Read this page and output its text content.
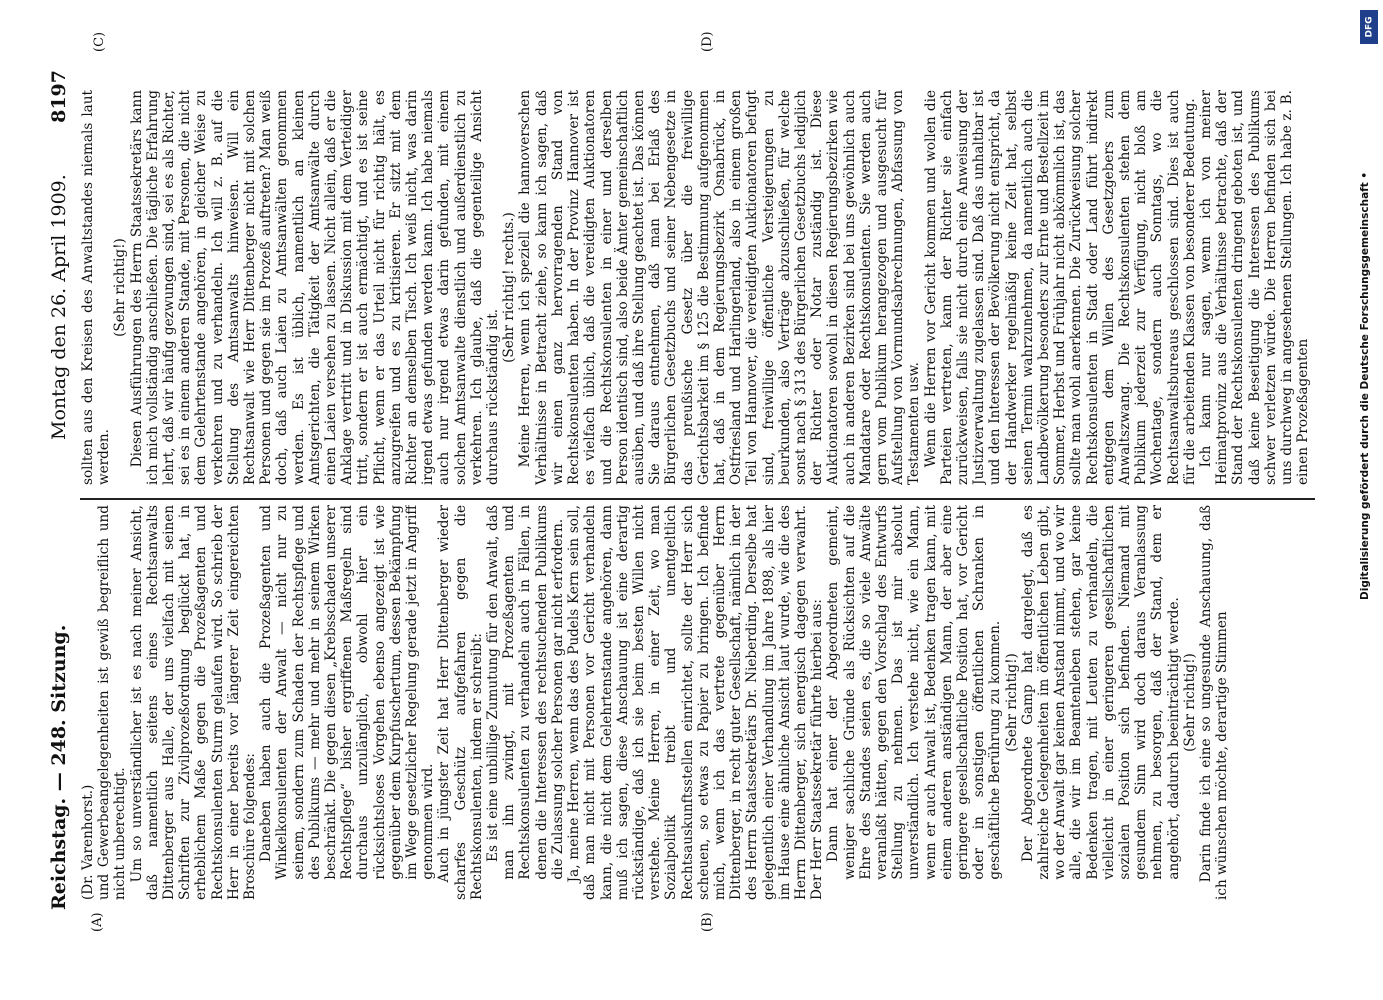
Reichstag. — 248. Sitzung.
Montag den 26. April 1909.
8197
(A)	(B)
(C)	(D)

(Dr. Varenhorst.) und Gewerbeangelegenheiten ist gewiß begreiflich und nicht unberechtigt. Um so unverständlicher ist es nach meiner Ansicht, daß namentlich seitens eines Rechtsanwalts Dittenberger aus Halle, der uns vielfach mit seinen Schriften zur Zivilprozeßordnung beglückt hat, in erheblichem Maße gegen die Prozeßagenten und Rechtskonsulenten Sturm gelaufen wird. So schrieb der Herr in einer bereits vor längerer Zeit eingereichten Broschüre folgendes: Daneben haben auch die Prozeßagenten und Winkelkonsulenten der Anwalt — nicht nur zu seinem, sondern zum Schaden der Rechtspflege und des Publikums — mehr und mehr in seinem Wirken beschränkt. Die gegen diesen „Krebsschaden unserer Rechtspflege“ bisher ergriffenen Maßregeln sind durchaus unzulänglich, obwohl hier ein rücksichtsloses Vorgehen ebenso angezeigt ist wie gegenüber dem Kurpfuschertum, dessen Bekämpfung im Wege gesetzlicher Regelung gerade jetzt in Angriff genommen wird. Auch in jüngster Zeit hat Herr Dittenberger wieder scharfes Geschütz aufgefahren gegen die Rechtskonsulenten, indem er schreibt: Es ist eine unbillige Zumutung für den Anwalt, daß man ihn zwingt, mit Prozeßagenten und Rechtskonsulenten zu verhandeln auch in Fällen, in denen die Interessen des rechtsuchenden Publikums die Zulassung solcher Personen gar nicht erfordern. Ja, meine Herren, wenn das des Pudels Kern sein soll, daß man nicht mit Personen vor Gericht verhandeln kann, die nicht dem Gelehrtenstande angehören, dann muß ich sagen, diese Anschauung ist eine derartig rückständige, daß ich sie beim besten Willen nicht verstehe. Meine Herren, in einer Zeit, wo man Sozialpolitik treibt und unentgeltlich Rechtsauskunftsstellen einrichtet, sollte der Herr sich scheuen, so etwas zu Papier zu bringen. Ich befinde mich, wenn ich das vertrete gegenüber Herrn Dittenberger, in recht guter Gesellschaft, nämlich in der des Herrn Staatssekretärs Dr. Nieberding. Derselbe hat gelegentlich einer Verhandlung im Jahre 1898, als hier im Hause eine ähnliche Ansicht laut wurde, wie die des Herrn Dittenberger, sich energisch dagegen verwahrt. Der Herr Staatssekretär führte hierbei aus: Dann hat einer der Abgeordneten gemeint, weniger sachliche Gründe als Rücksichten auf die Ehre des Standes seien es, die so viele Anwälte veranlaßt hätten, gegen den Vorschlag des Entwurfs Stellung zu nehmen. Das ist mir absolut unverständlich. Ich verstehe nicht, wie ein Mann, wenn er auch Anwalt ist, Bedenken tragen kann, mit einem anderen anständigen Mann, der aber eine geringere gesellschaftliche Position hat, vor Gericht oder in sonstigen öffentlichen Schranken in geschäftliche Berührung zu kommen. (Sehr richtig!) Der Abgeordnete Gamp hat dargelegt, daß es zahlreiche Gelegenheiten im öffentlichen Leben gibt, wo der Anwalt gar keinen Anstand nimmt, und wo wir alle, die wir im Beamtenleben stehen, gar keine Bedenken tragen, mit Leuten zu verhandeln, die vielleicht in einer geringeren gesellschaftlichen sozialen Position sich befinden. Niemand mit gesundem Sinn wird doch daraus Veranlassung nehmen, zu besorgen, daß der Stand, dem er angehört, dadurch beeinträchtigt werde. (Sehr richtig!) Darin finde ich eine so ungesunde Anschauung, daß ich wünschen möchte, derartige Stimmen

sollten aus den Kreisen des Anwaltstandes niemals laut werden.

(Sehr richtig!) Diesen Ausführungen des Herrn Staatssekretärs kann ich mich vollständig anschließen. Die tägliche Erfahrung lehrt, daß wir häufig gezwungen sind, sei es als Richter, sei es in einem anderen Stande, mit Personen, die nicht dem Gelehrtenstande angehören, in gleicher Weise zu verkehren und zu verhandeln. Ich will z. B. auf die Stellung des Amtsanwalts hinweisen. Will ein Rechtsanwalt wie Herr Dittenberger nicht mit solchen Personen und gegen sie im Prozeß auftreten? Man weiß doch, daß auch Laien zu Amtsanwälten genommen werden. Es ist üblich, namentlich an kleinen Amtsgerichten, die Tätigkeit der Amtsanwälte durch einen Laien versehen zu lassen. Nicht allein, daß er die Anklage vertritt und in Diskussion mit dem Verteidiger tritt, sondern er ist auch ermächtigt, und es ist seine Pflicht, wenn er das Urteil nicht für richtig hält, es anzugreifen und es zu kritisieren. Er sitzt mit dem Richter an demselben Tisch. Ich weiß nicht, was darin irgend etwas gefunden werden kann. Ich habe niemals auch nur irgend etwas darin gefunden, mit einem solchen Amtsanwalte dienstlich und außerdienstlich zu verkehren. Ich glaube, daß die gegenteilige Ansicht durchaus rückständig ist.

(Sehr richtig! rechts.) Meine Herren, wenn ich speziell die hannoverschen Verhältnisse in Betracht ziehe, so kann ich sagen, daß wir einen ganz hervorragenden Stand von Rechtskonsulenten haben. In der Provinz Hannover ist es vielfach üblich, daß die vereidigten Auktionatoren und die Rechtskonsulenten in einer und derselben Person identisch sind, also beide Ämter gemeinschaftlich ausüben, und daß ihre Stellung geachtet ist. Das können Sie daraus entnehmen, daß man bei Erlaß des Bürgerlichen Gesetzbuchs und seiner Nebengesetze in das preußische Gesetz über die freiwillige Gerichtsbarkeit im § 125 die Bestimmung aufgenommen hat, daß in dem Regierungsbezirk Osnabrück, in Ostfriesland und Harlingerland, also in einem großen Teil von Hannover, die vereidigten Auktionatoren befugt sind, freiwillige öffentliche Versteigerungen zu beurkunden, also Verträge abzuschließen, für welche sonst nach § 313 des Bürgerlichen Gesetzbuchs lediglich der Richter oder Notar zuständig ist. Diese Auktionatoren sowohl in diesen Regierungsbezirken wie auch in anderen Bezirken sind bei uns gewöhnlich auch Mandatare oder Rechtskonsulenten. Sie werden auch gern vom Publikum herangezogen und ausgesucht für Aufstellung von Vormundsabrechnungen, Abfassung von Testamenten usw. Wenn die Herren vor Gericht kommen und wollen die Parteien vertreten, kann der Richter sie einfach zurückweisen, falls sie nicht durch eine Anweisung der Justizverwaltung zugelassen sind. Daß das unhaltbar ist und den Interessen der Bevölkerung nicht entspricht, da der Handwerker regelmäßig keine Zeit hat, selbst seinen Termin wahrzunehmen, da namentlich auch die Landbevölkerung besonders zur Ernte und Bestellzeit im Sommer, Herbst und Frühjahr nicht abkömmlich ist, das sollte man wohl anerkennen. Die Zurückweisung solcher Rechtskonsulenten in Stadt oder Land führt indirekt entgegen dem Willen des Gesetzgebers zum Anwaltszwang. Die Rechtskonsulenten stehen dem Publikum jederzeit zur Verfügung, nicht bloß am Wochentage, sondern auch Sonntags, wo die Rechtsanwaltsbureaus geschlossen sind. Dies ist auch für die arbeitenden Klassen von besonderer Bedeutung. Ich kann nur sagen, wenn ich von meiner Heimatprovinz aus die Verhältnisse betrachte, daß der Stand der Rechtskonsulenten dringend geboten ist, und daß keine Beseitigung die Interessen des Publikums schwer verletzen würde. Die Herren befinden sich bei uns durchweg in angesehenen Stellungen. Ich habe z. B. einen Prozeßagenten	Digitalisierung gefördert durch die Deutsche Forschungsgemeinschaft •
DFG
